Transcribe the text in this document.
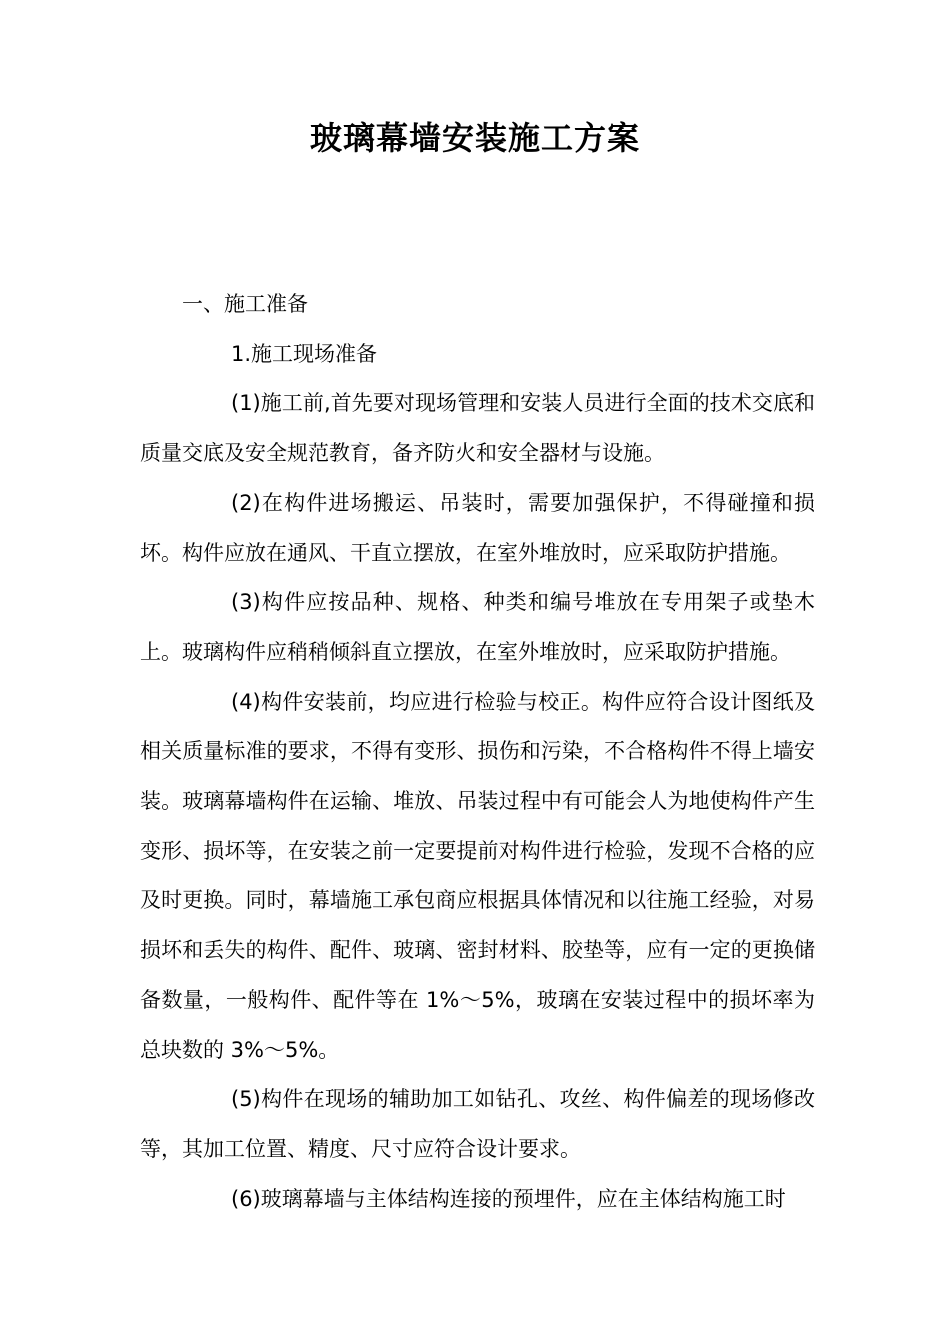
玻璃幕墙安装施工方案

一、施工准备

1.施工现场准备

(1)施工前,首先要对现场管理和安装人员进行全面的技术交底和质量交底及安全规范教育，备齐防火和安全器材与设施。

(2)在构件进场搬运、吊装时，需要加强保护，不得碰撞和损坏。构件应放在通风、干直立摆放，在室外堆放时，应采取防护措施。

(3)构件应按品种、规格、种类和编号堆放在专用架子或垫木上。玻璃构件应稍稍倾斜直立摆放，在室外堆放时，应采取防护措施。

(4)构件安装前，均应进行检验与校正。构件应符合设计图纸及相关质量标准的要求，不得有变形、损伤和污染，不合格构件不得上墙安装。玻璃幕墙构件在运输、堆放、吊装过程中有可能会人为地使构件产生变形、损坏等，在安装之前一定要提前对构件进行检验，发现不合格的应及时更换。同时，幕墙施工承包商应根据具体情况和以往施工经验，对易损坏和丢失的构件、配件、玻璃、密封材料、胶垫等，应有一定的更换储备数量，一般构件、配件等在 1%～5%，玻璃在安装过程中的损坏率为总块数的 3%～5%。

(5)构件在现场的辅助加工如钻孔、攻丝、构件偏差的现场修改等，其加工位置、精度、尺寸应符合设计要求。

(6)玻璃幕墙与主体结构连接的预埋件，应在主体结构施工时
